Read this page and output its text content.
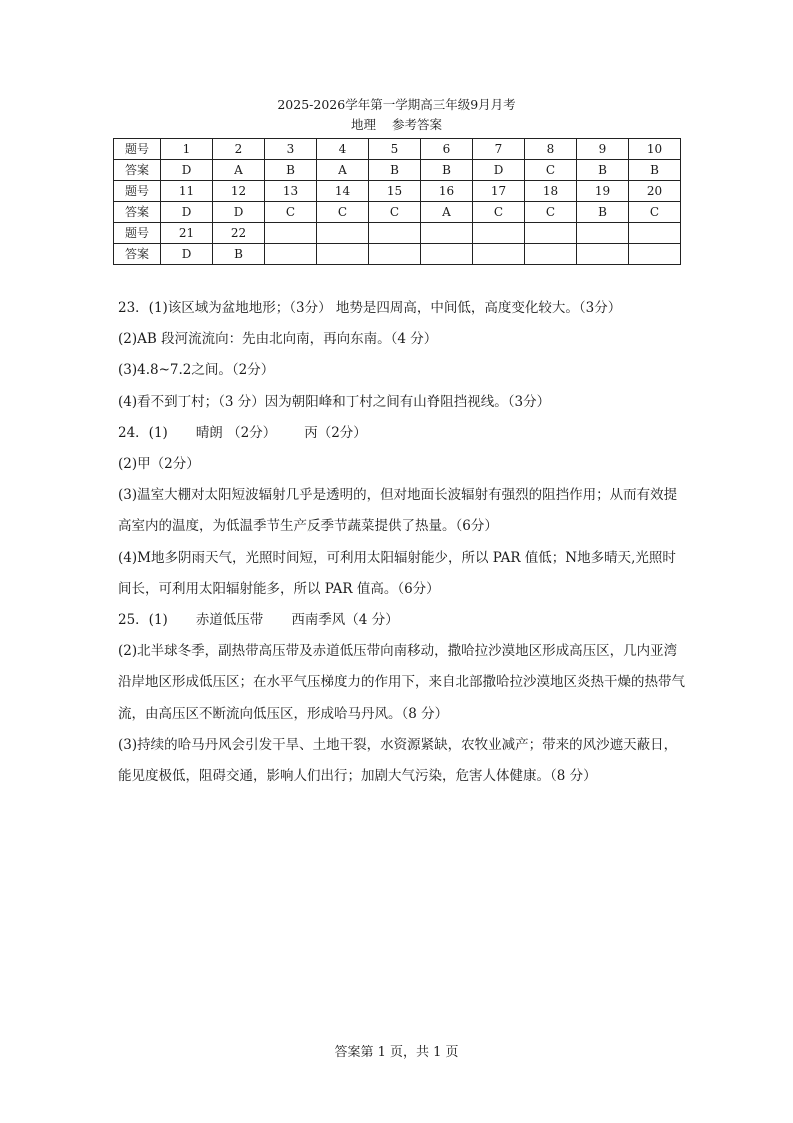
2025-2026学年第一学期高三年级9月月考
地理 参考答案
题号	1	2	3	4	5	6	7	8	9	10
答案	D	A	B	A	B	B	D	C	B	B
题号	11	12	13	14	15	16	17	18	19	20
答案	D	D	C	C	C	A	C	C	B	C
题号	21	22								
答案	D	B								

23．(1)该区域为盆地地形；（3分） 地势是四周高，中间低，高度变化较大。（3分）

(2)AB 段河流流向：先由北向南，再向东南。（4 分）

(3)4.8~7.2之间。（2分）

(4)看不到丁村；（3 分）因为朝阳峰和丁村之间有山脊阻挡视线。（3分）

24．(1) 晴朗 （2分） 丙（2分）

(2)甲（2分）

(3)温室大棚对太阳短波辐射几乎是透明的，但对地面长波辐射有强烈的阻挡作用；从而有效提高室内的温度，为低温季节生产反季节蔬菜提供了热量。（6分）

(4)M地多阴雨天气，光照时间短，可利用太阳辐射能少，所以 PAR 值低；N地多晴天,光照时间长，可利用太阳辐射能多，所以 PAR 值高。（6分）

25．(1) 赤道低压带 西南季风（4 分）

(2)北半球冬季，副热带高压带及赤道低压带向南移动，撒哈拉沙漠地区形成高压区，几内亚湾沿岸地区形成低压区；在水平气压梯度力的作用下，来自北部撒哈拉沙漠地区炎热干燥的热带气流，由高压区不断流向低压区，形成哈马丹风。（8 分）

(3)持续的哈马丹风会引发干旱、土地干裂，水资源紧缺，农牧业减产；带来的风沙遮天蔽日，能见度极低，阻碍交通，影响人们出行；加剧大气污染，危害人体健康。（8 分）

答案第 1 页，共 1 页
